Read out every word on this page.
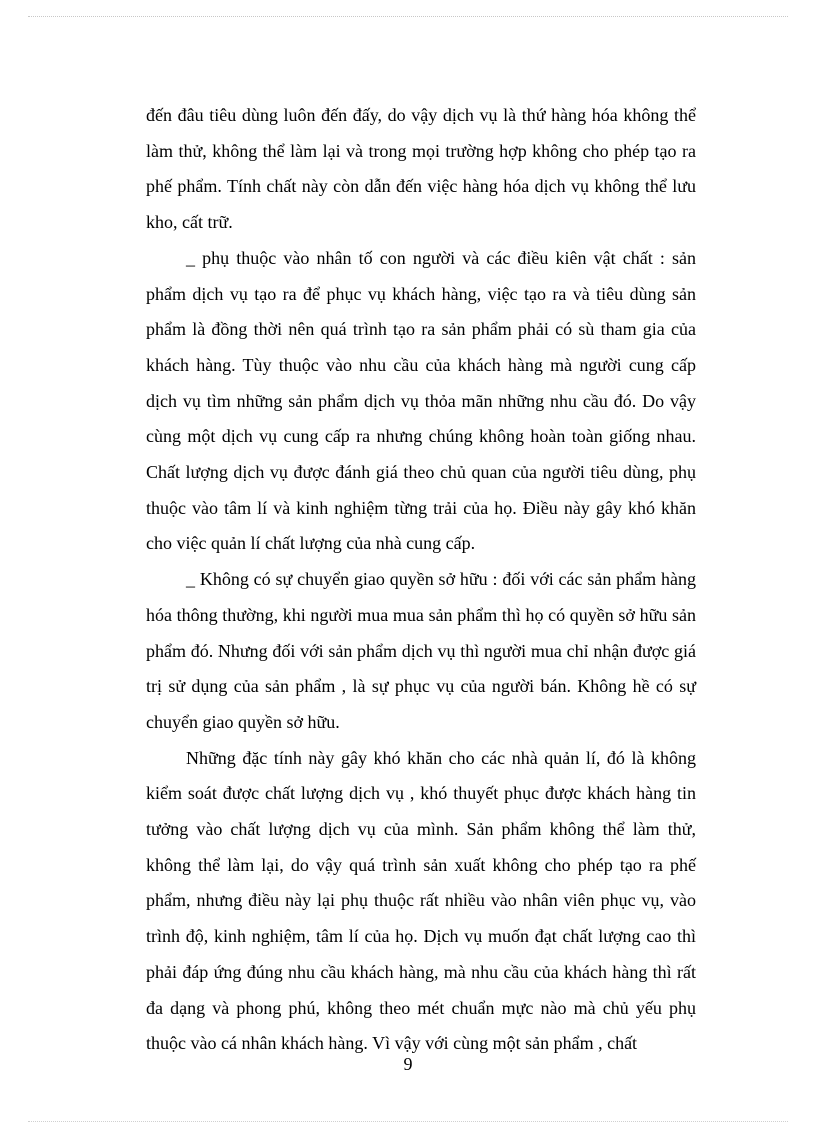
đến đâu tiêu dùng luôn đến đấy, do vậy dịch vụ là thứ hàng hóa không thể làm thử, không thể làm lại và trong mọi trường hợp không cho phép tạo ra phế phẩm. Tính chất này còn dẫn đến việc hàng hóa dịch vụ không thể lưu kho, cất trữ.

_ phụ thuộc vào nhân tố con người và các điều kiên vật chất : sản phẩm dịch vụ tạo ra để phục vụ khách hàng, việc tạo ra và tiêu dùng sản phẩm là đồng thời nên quá trình tạo ra sản phẩm phải có sù tham gia của khách hàng. Tùy thuộc vào nhu cầu của khách hàng mà người cung cấp dịch vụ tìm những sản phẩm dịch vụ thỏa mãn những nhu cầu đó. Do vậy cùng một dịch vụ cung cấp ra nhưng chúng không hoàn toàn giống nhau. Chất lượng dịch vụ được đánh giá theo chủ quan của người tiêu dùng, phụ thuộc vào tâm lí và kinh nghiệm từng trải của họ. Điều này gây khó khăn cho việc quản lí chất lượng của nhà cung cấp.

_ Không có sự chuyển giao quyền sở hữu : đối với các sản phẩm hàng hóa thông thường, khi người mua mua sản phẩm thì họ có quyền sở hữu sản phẩm đó. Nhưng đối với sản phẩm dịch vụ thì người mua chỉ nhận được giá trị sử dụng của sản phẩm , là sự phục vụ của người bán. Không hề có sự chuyển giao quyền sở hữu.

Những đặc tính này gây khó khăn cho các nhà quản lí, đó là không kiểm soát được chất lượng dịch vụ , khó thuyết phục được khách hàng tin tưởng vào chất lượng dịch vụ của mình. Sản phẩm không thể làm thử, không thể làm lại, do vậy quá trình sản xuất không cho phép tạo ra phế phẩm, nhưng điều này lại phụ thuộc rất nhiều vào nhân viên phục vụ, vào trình độ, kinh nghiệm, tâm lí của họ. Dịch vụ muốn đạt chất lượng cao thì phải đáp ứng đúng nhu cầu khách hàng, mà nhu cầu của khách hàng thì rất đa dạng và phong phú, không theo mét chuẩn mực nào mà chủ yếu phụ thuộc vào cá nhân khách hàng. Vì vậy với cùng một sản phẩm , chất

9
